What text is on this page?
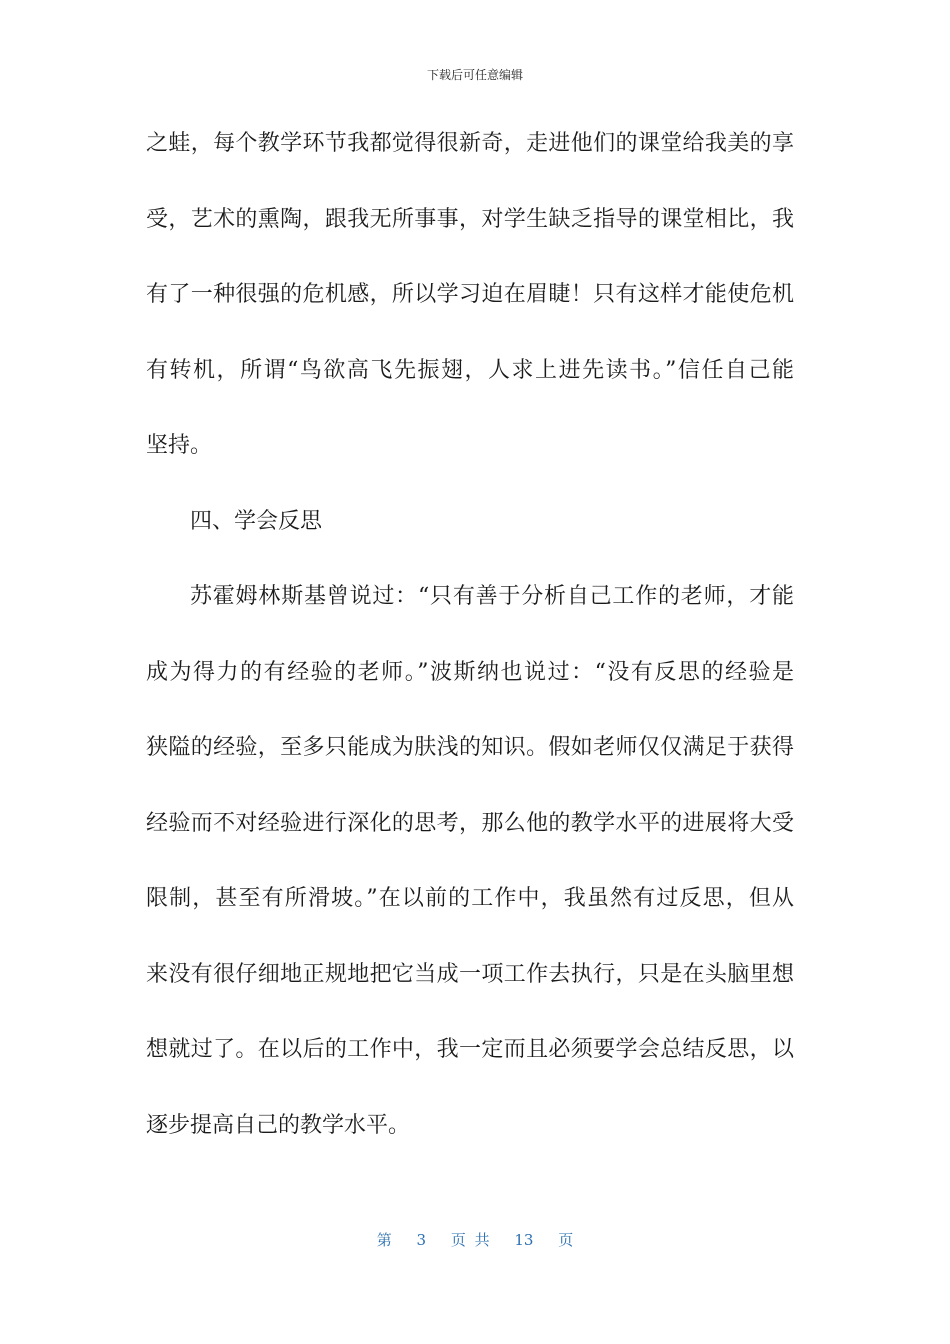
下载后可任意编辑
之蛙，每个教学环节我都觉得很新奇，走进他们的课堂给我美的享
受，艺术的熏陶，跟我无所事事，对学生缺乏指导的课堂相比，我
有了一种很强的危机感，所以学习迫在眉睫！只有这样才能使危机
有转机，所谓“鸟欲高飞先振翅，人求上进先读书。”信任自己能
坚持。
四、学会反思
苏霍姆林斯基曾说过：“只有善于分析自己工作的老师，才能
成为得力的有经验的老师。”波斯纳也说过：“没有反思的经验是
狭隘的经验，至多只能成为肤浅的知识。假如老师仅仅满足于获得
经验而不对经验进行深化的思考，那么他的教学水平的进展将大受
限制，甚至有所滑坡。”在以前的工作中，我虽然有过反思，但从
来没有很仔细地正规地把它当成一项工作去执行，只是在头脑里想
想就过了。在以后的工作中，我一定而且必须要学会总结反思，以
逐步提高自己的教学水平。
第 3 页 共 13 页
